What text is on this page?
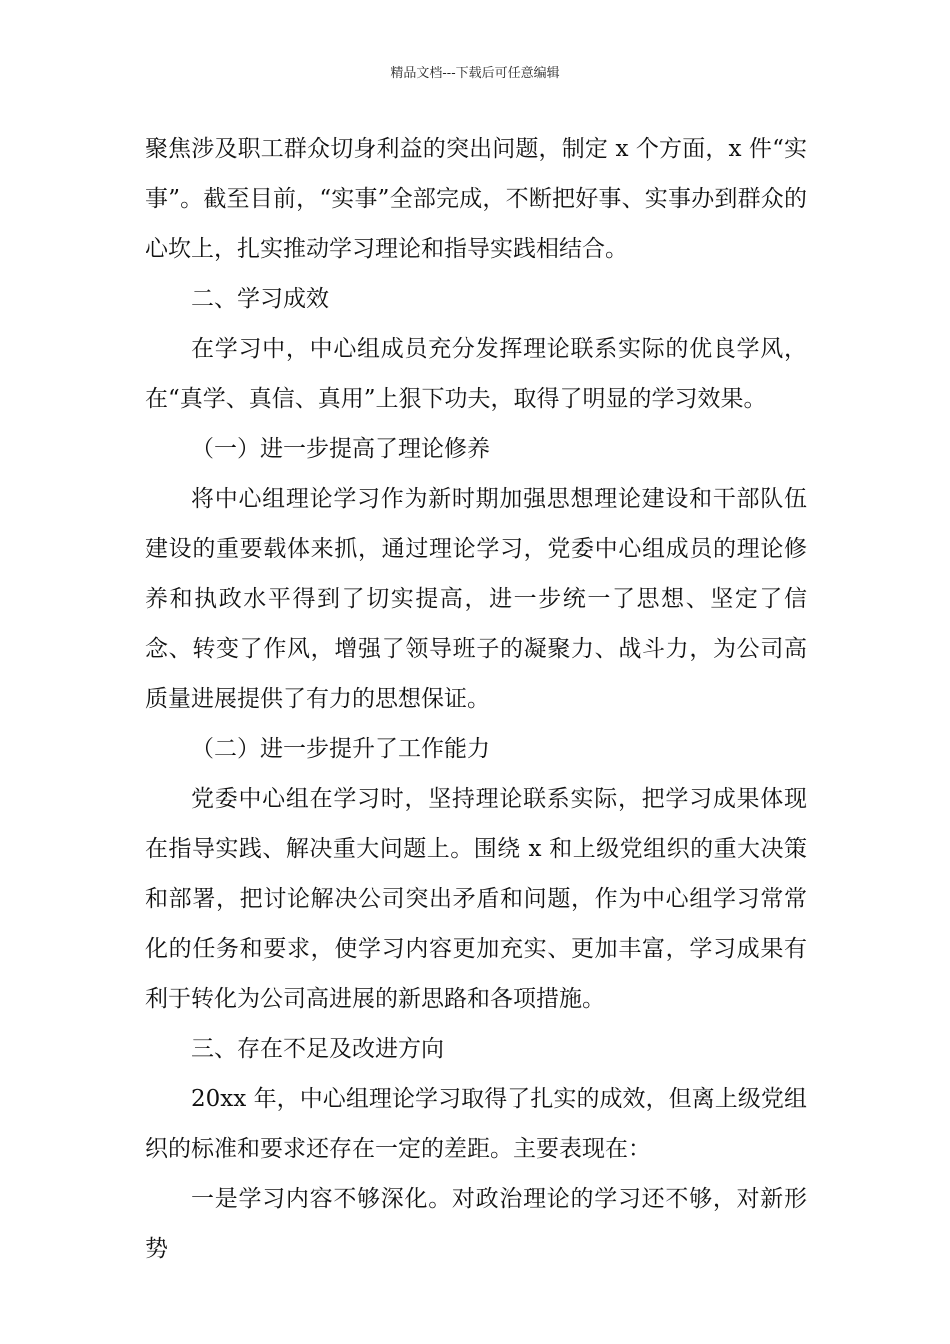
精品文档---下载后可任意编辑

聚焦涉及职工群众切身利益的突出问题，制定 x 个方面，x 件“实事”。截至目前，“实事”全部完成，不断把好事、实事办到群众的心坎上，扎实推动学习理论和指导实践相结合。

二、学习成效

在学习中，中心组成员充分发挥理论联系实际的优良学风，在“真学、真信、真用”上狠下功夫，取得了明显的学习效果。

（一）进一步提高了理论修养

将中心组理论学习作为新时期加强思想理论建设和干部队伍建设的重要载体来抓，通过理论学习，党委中心组成员的理论修养和执政水平得到了切实提高，进一步统一了思想、坚定了信念、转变了作风，增强了领导班子的凝聚力、战斗力，为公司高质量进展提供了有力的思想保证。

（二）进一步提升了工作能力

党委中心组在学习时，坚持理论联系实际，把学习成果体现在指导实践、解决重大问题上。围绕 x 和上级党组织的重大决策和部署，把讨论解决公司突出矛盾和问题，作为中心组学习常常化的任务和要求，使学习内容更加充实、更加丰富，学习成果有利于转化为公司高进展的新思路和各项措施。

三、存在不足及改进方向

20xx 年，中心组理论学习取得了扎实的成效，但离上级党组织的标准和要求还存在一定的差距。主要表现在：

一是学习内容不够深化。对政治理论的学习还不够，对新形势
